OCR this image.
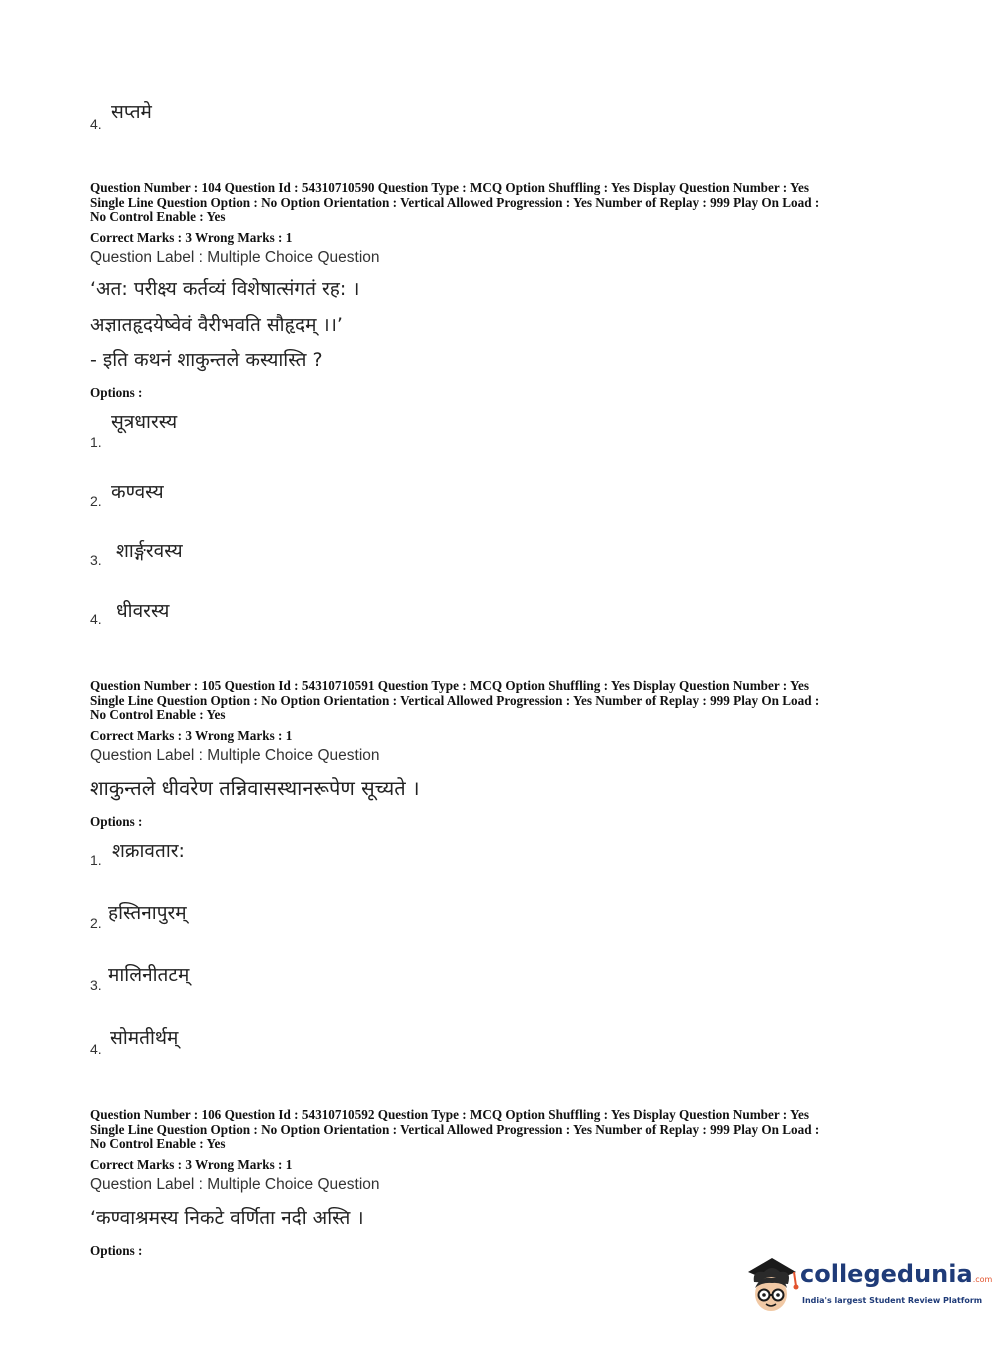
4.
सप्तमे
Question Number : 104 Question Id : 54310710590 Question Type : MCQ Option Shuffling : Yes Display Question Number : Yes
Single Line Question Option : No Option Orientation : Vertical Allowed Progression : Yes Number of Replay : 999 Play On Load :
No Control Enable : Yes
Correct Marks : 3 Wrong Marks : 1
Question Label : Multiple Choice Question
‘अत: परीक्ष्य कर्तव्यं विशेषात्संगतं रह: ।
अज्ञातहृदयेष्वेवं वैरीभवति सौहृदम् ।।’
- इति कथनं शाकुन्तले कस्यास्ति ?
Options :
1.
सूत्रधारस्य
2. कण्वस्य
3. शार्ङ्गरवस्य
4. धीवरस्य
Question Number : 105 Question Id : 54310710591 Question Type : MCQ Option Shuffling : Yes Display Question Number : Yes
Single Line Question Option : No Option Orientation : Vertical Allowed Progression : Yes Number of Replay : 999 Play On Load :
No Control Enable : Yes
Correct Marks : 3 Wrong Marks : 1
Question Label : Multiple Choice Question
शाकुन्तले धीवरेण तन्निवासस्थानरूपेण सूच्यते ।
Options :
1. शक्रावतार:
2. हस्तिनापुरम्
3. मालिनीतटम्
4. सोमतीर्थम्
Question Number : 106 Question Id : 54310710592 Question Type : MCQ Option Shuffling : Yes Display Question Number : Yes
Single Line Question Option : No Option Orientation : Vertical Allowed Progression : Yes Number of Replay : 999 Play On Load :
No Control Enable : Yes
Correct Marks : 3 Wrong Marks : 1
Question Label : Multiple Choice Question
‘कण्वाश्रमस्य निकटे वर्णिता नदी अस्ति ।
Options :
collegedunia.com
India's largest Student Review Platform
